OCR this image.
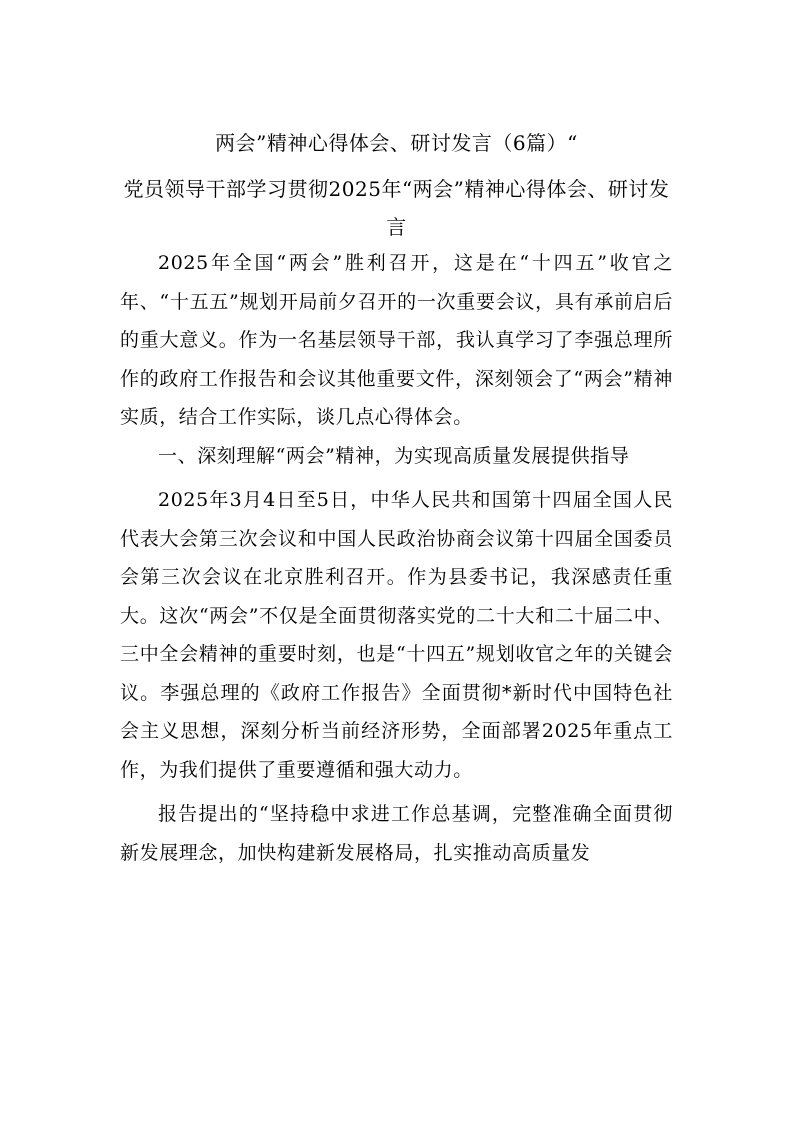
两会”精神心得体会、研讨发言（6篇）“
党员领导干部学习贯彻2025年“两会”精神心得体会、研讨发言

2025年全国“两会”胜利召开，这是在“十四五”收官之年、“十五五”规划开局前夕召开的一次重要会议，具有承前启后的重大意义。作为一名基层领导干部，我认真学习了李强总理所作的政府工作报告和会议其他重要文件，深刻领会了“两会”精神实质，结合工作实际，谈几点心得体会。

一、深刻理解“两会”精神，为实现高质量发展提供指导

2025年3月4日至5日，中华人民共和国第十四届全国人民代表大会第三次会议和中国人民政治协商会议第十四届全国委员会第三次会议在北京胜利召开。作为县委书记，我深感责任重大。这次“两会”不仅是全面贯彻落实党的二十大和二十届二中、三中全会精神的重要时刻，也是“十四五”规划收官之年的关键会议。李强总理的《政府工作报告》全面贯彻*新时代中国特色社会主义思想，深刻分析当前经济形势，全面部署2025年重点工作，为我们提供了重要遵循和强大动力。

报告提出的“坚持稳中求进工作总基调，完整准确全面贯彻新发展理念，加快构建新发展格局，扎实推动高质量发
